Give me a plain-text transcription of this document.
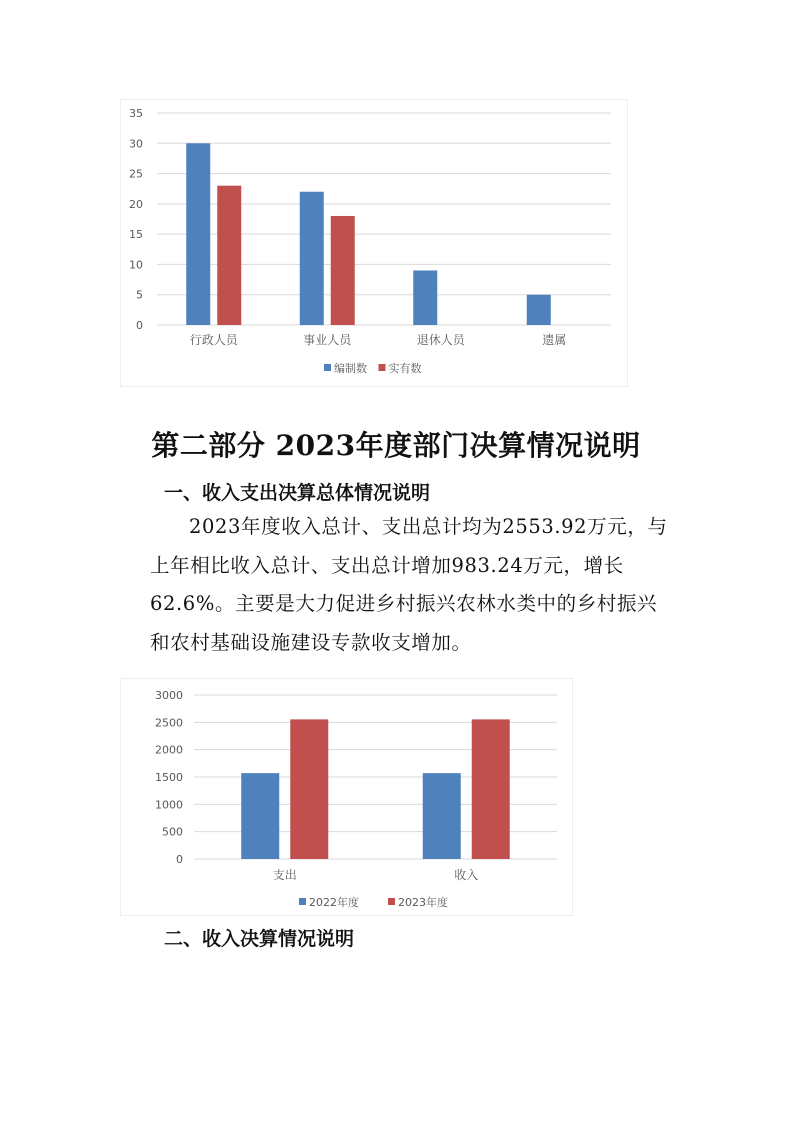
0
5
10
15
20
25
30
35
行政人员	事业人员	退休人员	遗属
编制数 实有数
第二部分 2023年度部门决算情况说明
一、收入支出决算总体情况说明

2023年度收入总计、支出总计均为2553.92万元，与上年相比收入总计、支出总计增加983.24万元，增长62.6%。主要是大力促进乡村振兴农林水类中的乡村振兴和农村基础设施建设专款收支增加。

0
500
1000
1500
2000
2500
3000
支出	收入
2022年度	2023年度
二、收入决算情况说明
